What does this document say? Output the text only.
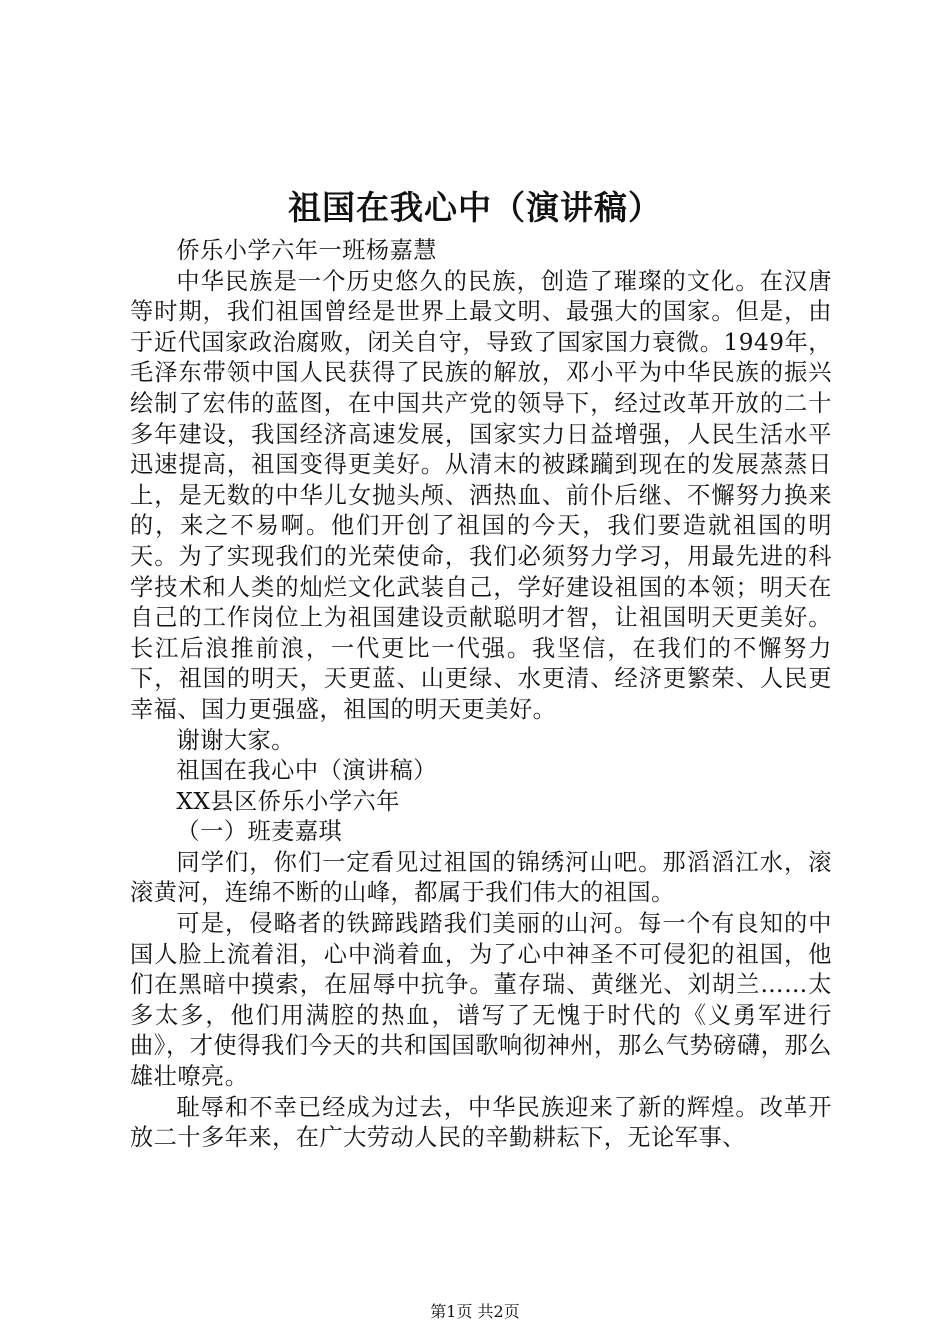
祖国在我心中（演讲稿）

侨乐小学六年一班杨嘉慧

中华民族是一个历史悠久的民族，创造了璀璨的文化。在汉唐等时期，我们祖国曾经是世界上最文明、最强大的国家。但是，由于近代国家政治腐败，闭关自守，导致了国家国力衰微。1949年，毛泽东带领中国人民获得了民族的解放，邓小平为中华民族的振兴绘制了宏伟的蓝图，在中国共产党的领导下，经过改革开放的二十多年建设，我国经济高速发展，国家实力日益增强，人民生活水平迅速提高，祖国变得更美好。从清末的被蹂躏到现在的发展蒸蒸日上，是无数的中华儿女抛头颅、洒热血、前仆后继、不懈努力换来的，来之不易啊。他们开创了祖国的今天，我们要造就祖国的明天。为了实现我们的光荣使命，我们必须努力学习，用最先进的科学技术和人类的灿烂文化武装自己，学好建设祖国的本领；明天在自己的工作岗位上为祖国建设贡献聪明才智，让祖国明天更美好。长江后浪推前浪，一代更比一代强。我坚信，在我们的不懈努力下，祖国的明天，天更蓝、山更绿、水更清、经济更繁荣、人民更幸福、国力更强盛，祖国的明天更美好。

谢谢大家。

祖国在我心中（演讲稿）

XX县区侨乐小学六年

（一）班麦嘉琪

同学们，你们一定看见过祖国的锦绣河山吧。那滔滔江水，滚滚黄河，连绵不断的山峰，都属于我们伟大的祖国。

可是，侵略者的铁蹄践踏我们美丽的山河。每一个有良知的中国人脸上流着泪，心中淌着血，为了心中神圣不可侵犯的祖国，他们在黑暗中摸索，在屈辱中抗争。董存瑞、黄继光、刘胡兰……太多太多，他们用满腔的热血，谱写了无愧于时代的《义勇军进行曲》，才使得我们今天的共和国国歌响彻神州，那么气势磅礴，那么雄壮嘹亮。

耻辱和不幸已经成为过去，中华民族迎来了新的辉煌。改革开放二十多年来，在广大劳动人民的辛勤耕耘下，无论军事、

第1页 共2页
